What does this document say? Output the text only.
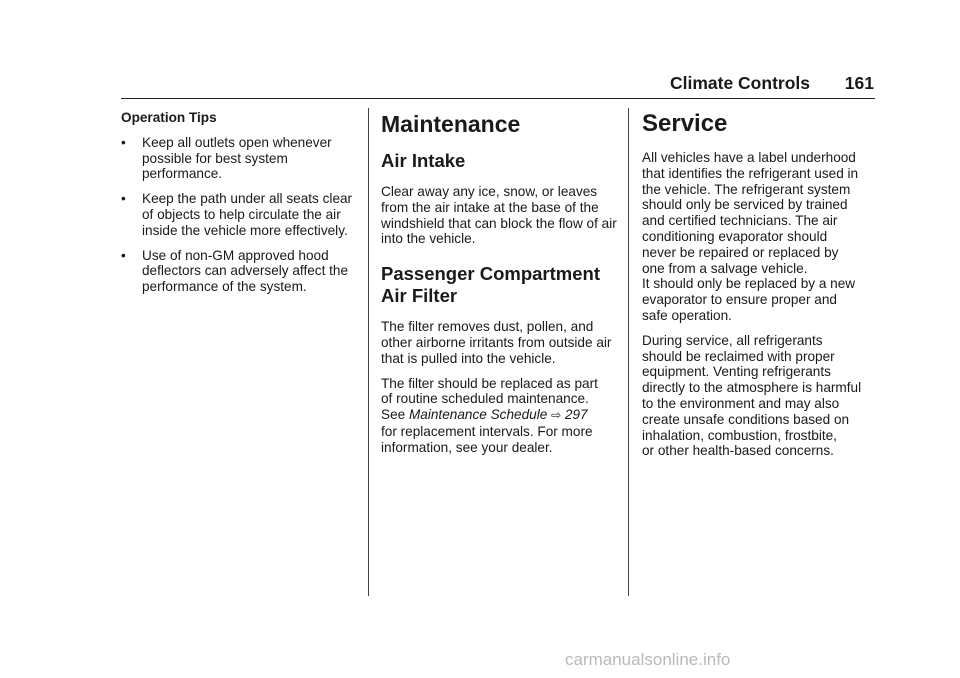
Climate Controls 161
Operation Tips
• Keep all outlets open whenever possible for best system performance.
• Keep the path under all seats clear of objects to help circulate the air inside the vehicle more effectively.
• Use of non-GM approved hood deflectors can adversely affect the performance of the system.
Maintenance
Air Intake

Clear away any ice, snow, or leaves from the air intake at the base of the windshield that can block the flow of air into the vehicle.

Passenger Compartment
Air Filter

The filter removes dust, pollen, and other airborne irritants from outside air that is pulled into the vehicle.

The filter should be replaced as part
of routine scheduled maintenance.
See Maintenance Schedule ⇨ 297
for replacement intervals. For more information, see your dealer.

Service

All vehicles have a label underhood
that identifies the refrigerant used in
the vehicle. The refrigerant system
should only be serviced by trained
and certified technicians. The air
conditioning evaporator should
never be repaired or replaced by
one from a salvage vehicle.
It should only be replaced by a new
evaporator to ensure proper and
safe operation.

During service, all refrigerants
should be reclaimed with proper
equipment. Venting refrigerants
directly to the atmosphere is harmful
to the environment and may also
create unsafe conditions based on
inhalation, combustion, frostbite,
or other health-based concerns.

carmanualsonline.info
